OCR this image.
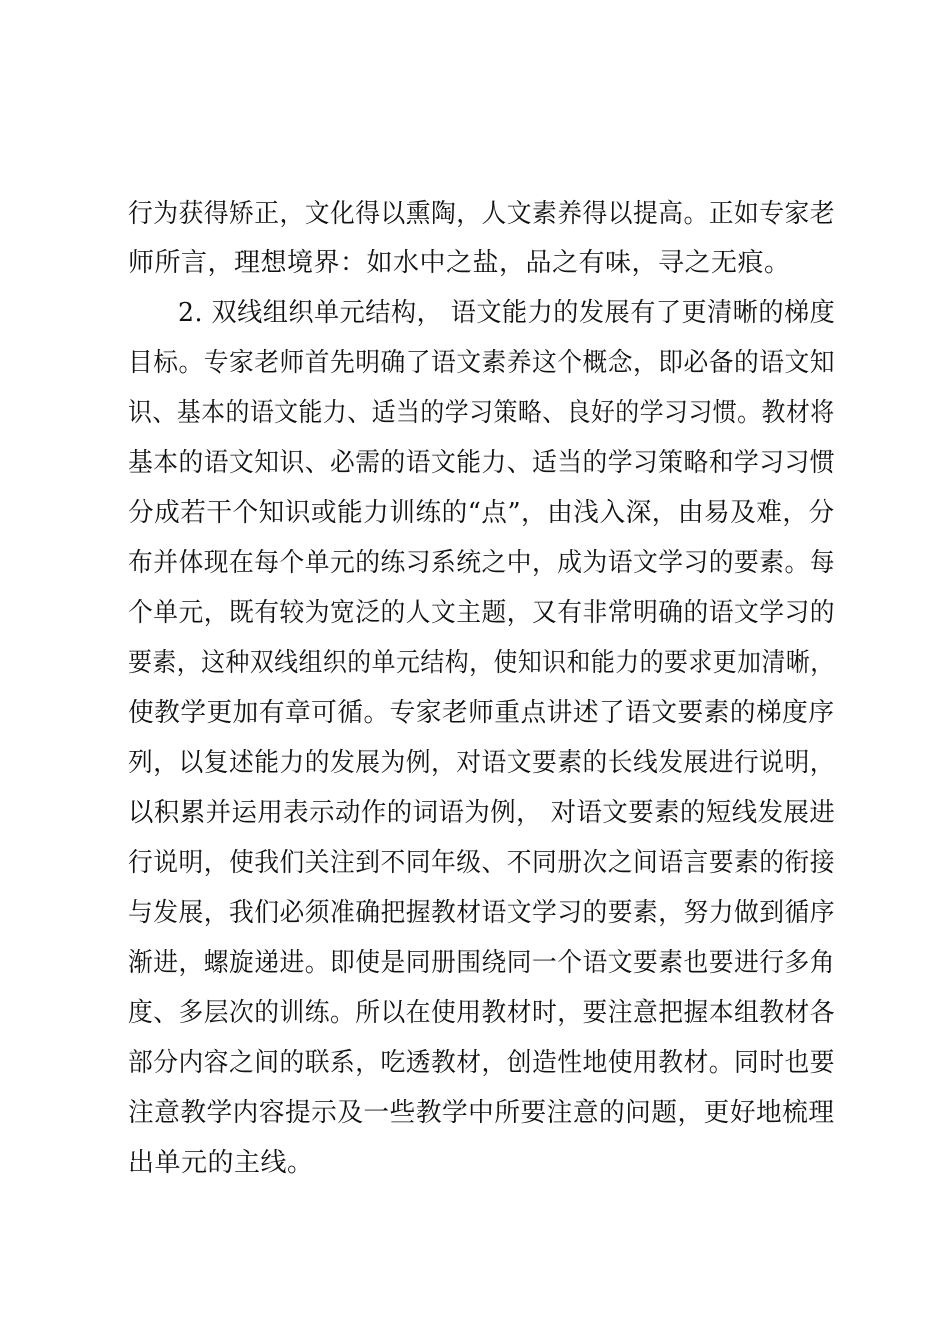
行为获得矫正，文化得以熏陶，人文素养得以提高。正如专家老
师所言，理想境界：如水中之盐，品之有味，寻之无痕。
2. 双线组织单元结构， 语文能力的发展有了更清晰的梯度
目标。专家老师首先明确了语文素养这个概念，即必备的语文知
识、基本的语文能力、适当的学习策略、良好的学习习惯。教材将
基本的语文知识、必需的语文能力、适当的学习策略和学习习惯
分成若干个知识或能力训练的“点”，由浅入深，由易及难，分
布并体现在每个单元的练习系统之中，成为语文学习的要素。每
个单元，既有较为宽泛的人文主题，又有非常明确的语文学习的
要素，这种双线组织的单元结构，使知识和能力的要求更加清晰，
使教学更加有章可循。专家老师重点讲述了语文要素的梯度序
列，以复述能力的发展为例，对语文要素的长线发展进行说明，
以积累并运用表示动作的词语为例， 对语文要素的短线发展进
行说明，使我们关注到不同年级、不同册次之间语言要素的衔接
与发展，我们必须准确把握教材语文学习的要素，努力做到循序
渐进，螺旋递进。即使是同册围绕同一个语文要素也要进行多角
度、多层次的训练。所以在使用教材时，要注意把握本组教材各
部分内容之间的联系，吃透教材，创造性地使用教材。同时也要
注意教学内容提示及一些教学中所要注意的问题，更好地梳理
出单元的主线。
